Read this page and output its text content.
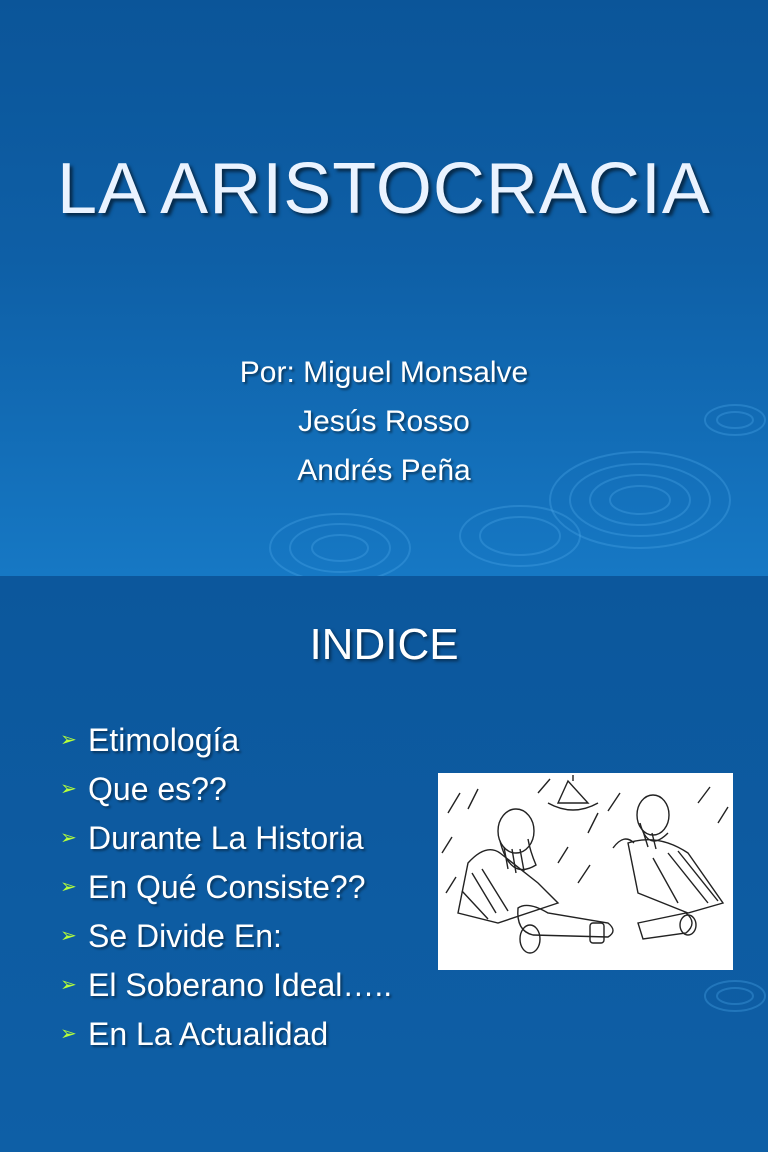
LA ARISTOCRACIA
Por: Miguel Monsalve
Jesús Rosso
Andrés Peña
INDICE
➢ Etimología
➢ Que es??
➢ Durante La Historia
➢ En Qué Consiste??
➢ Se Divide En:
➢ El Soberano Ideal…..
➢ En La Actualidad
